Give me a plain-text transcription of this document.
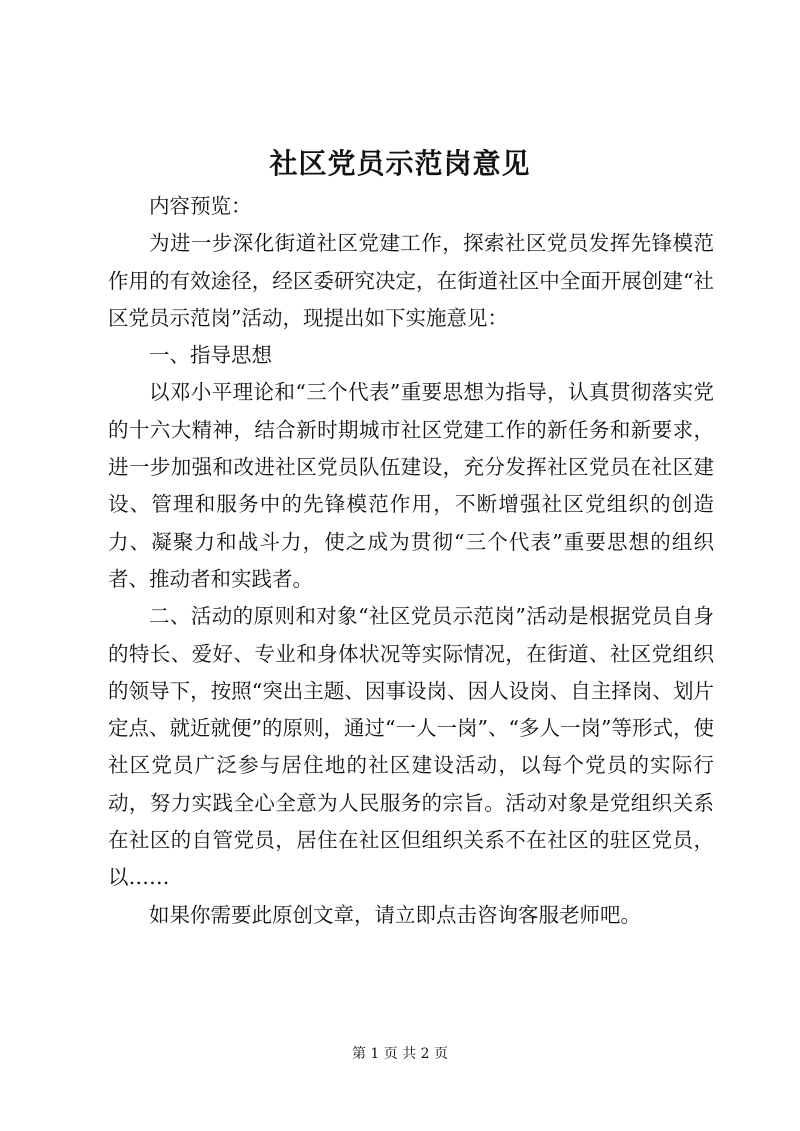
社区党员示范岗意见

内容预览：

为进一步深化街道社区党建工作，探索社区党员发挥先锋模范作用的有效途径，经区委研究决定，在街道社区中全面开展创建“社区党员示范岗”活动，现提出如下实施意见：

一、指导思想

以邓小平理论和“三个代表”重要思想为指导，认真贯彻落实党的十六大精神，结合新时期城市社区党建工作的新任务和新要求，进一步加强和改进社区党员队伍建设，充分发挥社区党员在社区建设、管理和服务中的先锋模范作用，不断增强社区党组织的创造力、凝聚力和战斗力，使之成为贯彻“三个代表”重要思想的组织者、推动者和实践者。

二、活动的原则和对象“社区党员示范岗”活动是根据党员自身的特长、爱好、专业和身体状况等实际情况，在街道、社区党组织的领导下，按照“突出主题、因事设岗、因人设岗、自主择岗、划片定点、就近就便”的原则，通过“一人一岗”、“多人一岗”等形式，使社区党员广泛参与居住地的社区建设活动，以每个党员的实际行动，努力实践全心全意为人民服务的宗旨。活动对象是党组织关系在社区的自管党员，居住在社区但组织关系不在社区的驻区党员，以……

如果你需要此原创文章，请立即点击咨询客服老师吧。

第 1 页 共 2 页
